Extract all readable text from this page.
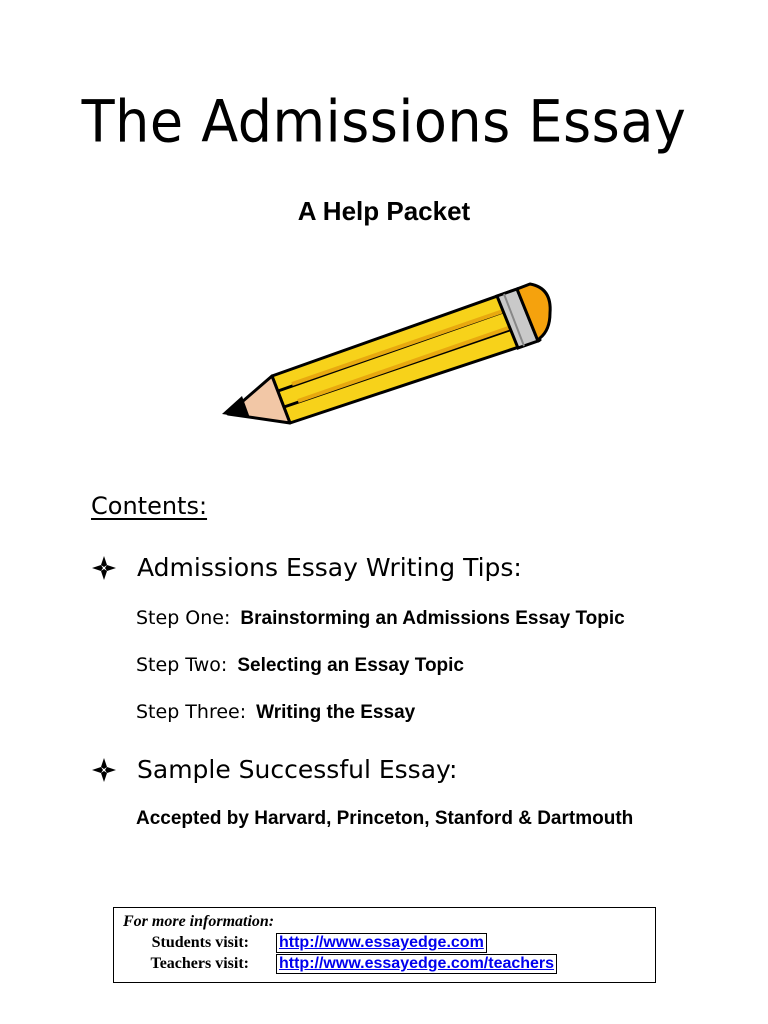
The Admissions Essay
A Help Packet
Contents:
Admissions Essay Writing Tips:
Step One: Brainstorming an Admissions Essay Topic
Step Two: Selecting an Essay Topic
Step Three: Writing the Essay
Sample Successful Essay:
Accepted by Harvard, Princeton, Stanford & Dartmouth
For more information:
Students visit:	http://www.essayedge.com
Teachers visit:	http://www.essayedge.com/teachers
